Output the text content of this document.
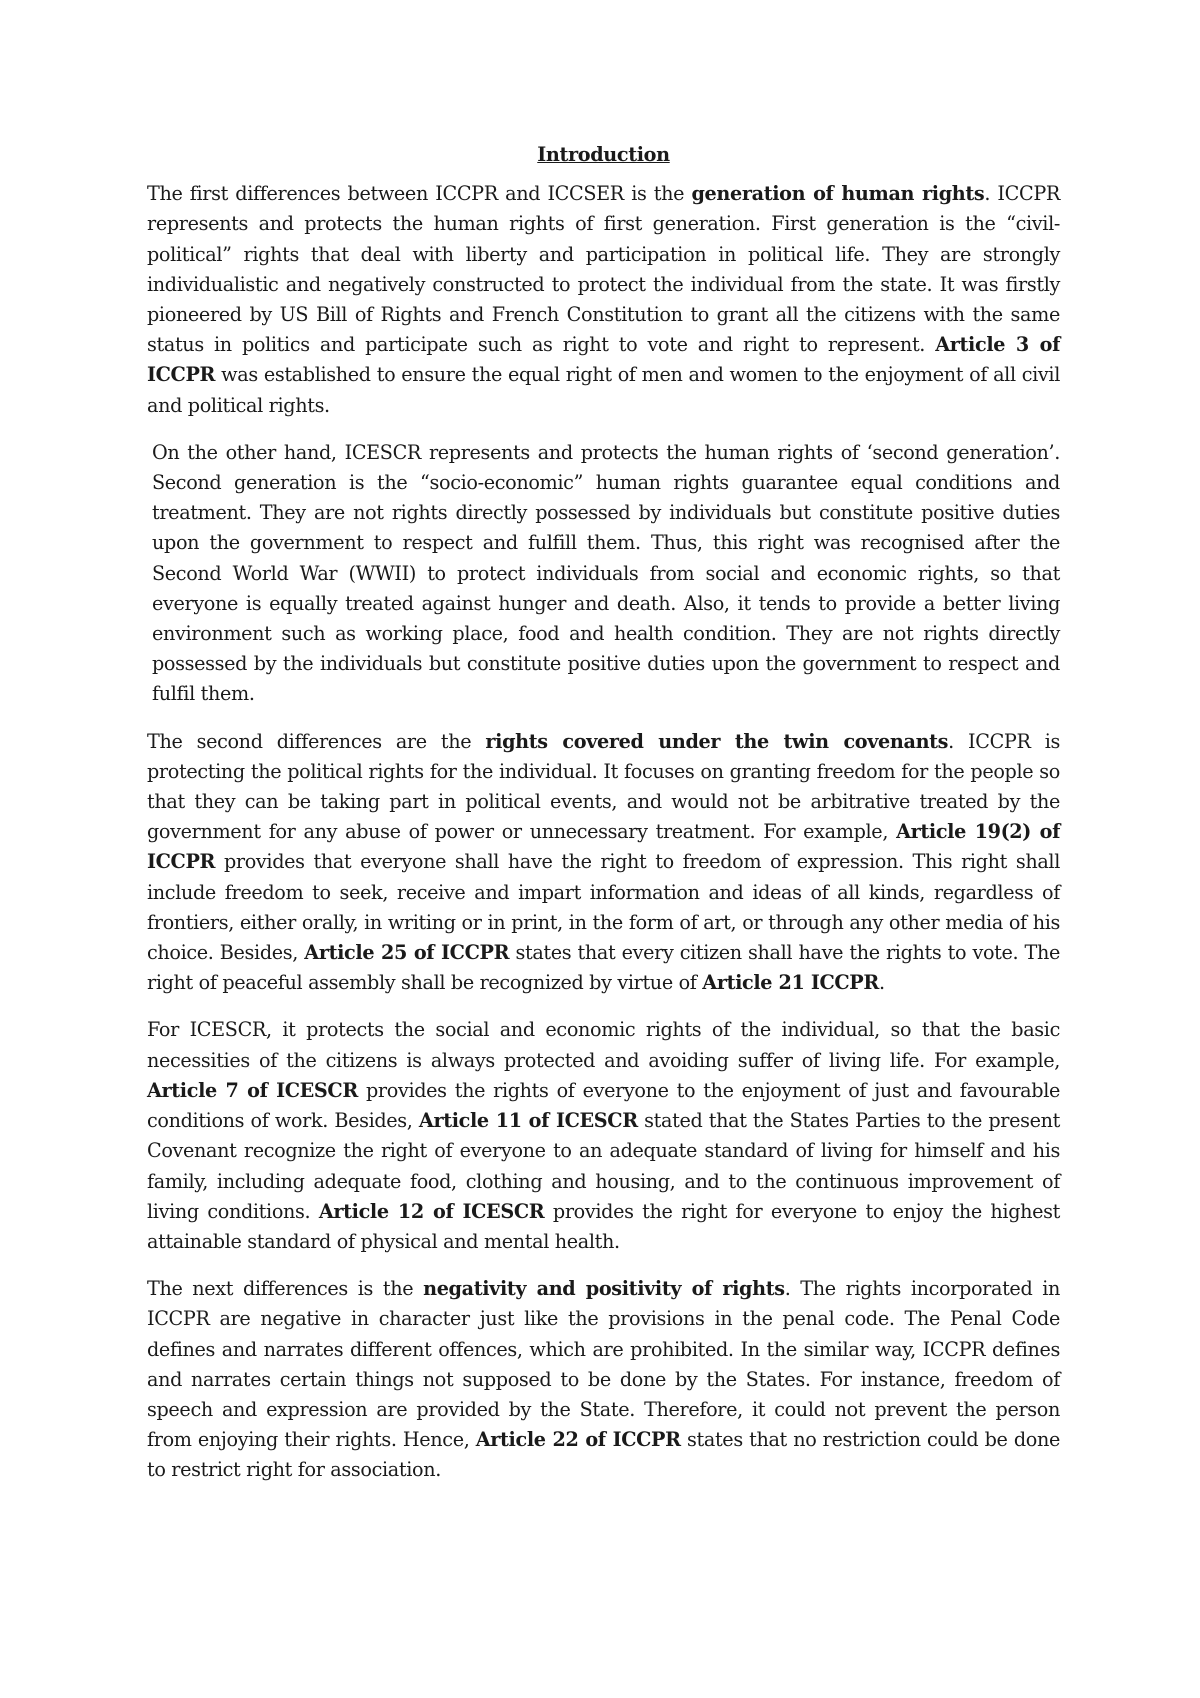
Introduction

The first differences between ICCPR and ICCSER is the generation of human rights. ICCPR represents and protects the human rights of first generation. First generation is the “civil-political” rights that deal with liberty and participation in political life. They are strongly individualistic and negatively constructed to protect the individual from the state. It was firstly pioneered by US Bill of Rights and French Constitution to grant all the citizens with the same status in politics and participate such as right to vote and right to represent. Article 3 of ICCPR was established to ensure the equal right of men and women to the enjoyment of all civil and political rights.

On the other hand, ICESCR represents and protects the human rights of ‘second generation’. Second generation is the “socio-economic” human rights guarantee equal conditions and treatment. They are not rights directly possessed by individuals but constitute positive duties upon the government to respect and fulfill them. Thus, this right was recognised after the Second World War (WWII) to protect individuals from social and economic rights, so that everyone is equally treated against hunger and death. Also, it tends to provide a better living environment such as working place, food and health condition. They are not rights directly possessed by the individuals but constitute positive duties upon the government to respect and fulfil them.

The second differences are the rights covered under the twin covenants. ICCPR is protecting the political rights for the individual. It focuses on granting freedom for the people so that they can be taking part in political events, and would not be arbitrative treated by the government for any abuse of power or unnecessary treatment. For example, Article 19(2) of ICCPR provides that everyone shall have the right to freedom of expression. This right shall include freedom to seek, receive and impart information and ideas of all kinds, regardless of frontiers, either orally, in writing or in print, in the form of art, or through any other media of his choice. Besides, Article 25 of ICCPR states that every citizen shall have the rights to vote. The right of peaceful assembly shall be recognized by virtue of Article 21 ICCPR.

For ICESCR, it protects the social and economic rights of the individual, so that the basic necessities of the citizens is always protected and avoiding suffer of living life. For example, Article 7 of ICESCR provides the rights of everyone to the enjoyment of just and favourable conditions of work. Besides, Article 11 of ICESCR stated that the States Parties to the present Covenant recognize the right of everyone to an adequate standard of living for himself and his family, including adequate food, clothing and housing, and to the continuous improvement of living conditions. Article 12 of ICESCR provides the right for everyone to enjoy the highest attainable standard of physical and mental health.

The next differences is the negativity and positivity of rights. The rights incorporated in ICCPR are negative in character just like the provisions in the penal code. The Penal Code defines and narrates different offences, which are prohibited. In the similar way, ICCPR defines and narrates certain things not supposed to be done by the States. For instance, freedom of speech and expression are provided by the State. Therefore, it could not prevent the person from enjoying their rights. Hence, Article 22 of ICCPR states that no restriction could be done to restrict right for association.
